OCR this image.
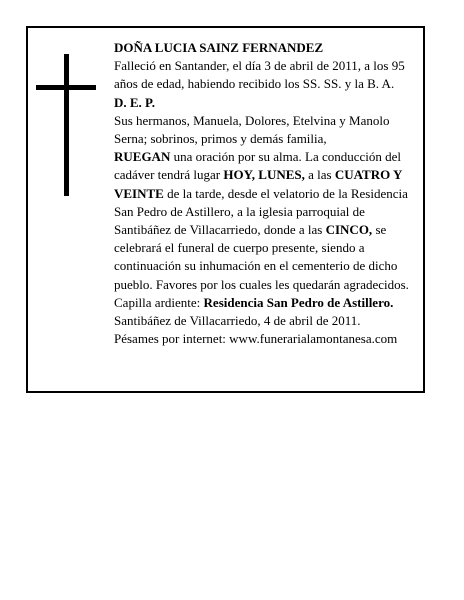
DOÑA LUCIA SAINZ FERNANDEZ

Falleció en Santander, el día 3 de abril de 2011, a los 95 años de edad, habiendo recibido los SS. SS. y la B. A.

D. E. P.

Sus hermanos, Manuela, Dolores, Etelvina y Manolo Serna; sobrinos, primos y demás familia,

RUEGAN una oración por su alma. La conducción del cadáver tendrá lugar HOY, LUNES, a las CUATRO Y VEINTE de la tarde, desde el velatorio de la Residencia San Pedro de Astillero, a la iglesia parroquial de Santibáñez de Villacarriedo, donde a las CINCO, se celebrará el funeral de cuerpo presente, siendo a continuación su inhumación en el cementerio de dicho pueblo. Favores por los cuales les quedarán agradecidos. Capilla ardiente: Residencia San Pedro de Astillero.

Santibáñez de Villacarriedo, 4 de abril de 2011.

Pésames por internet: www.funerarialamontanesa.com
